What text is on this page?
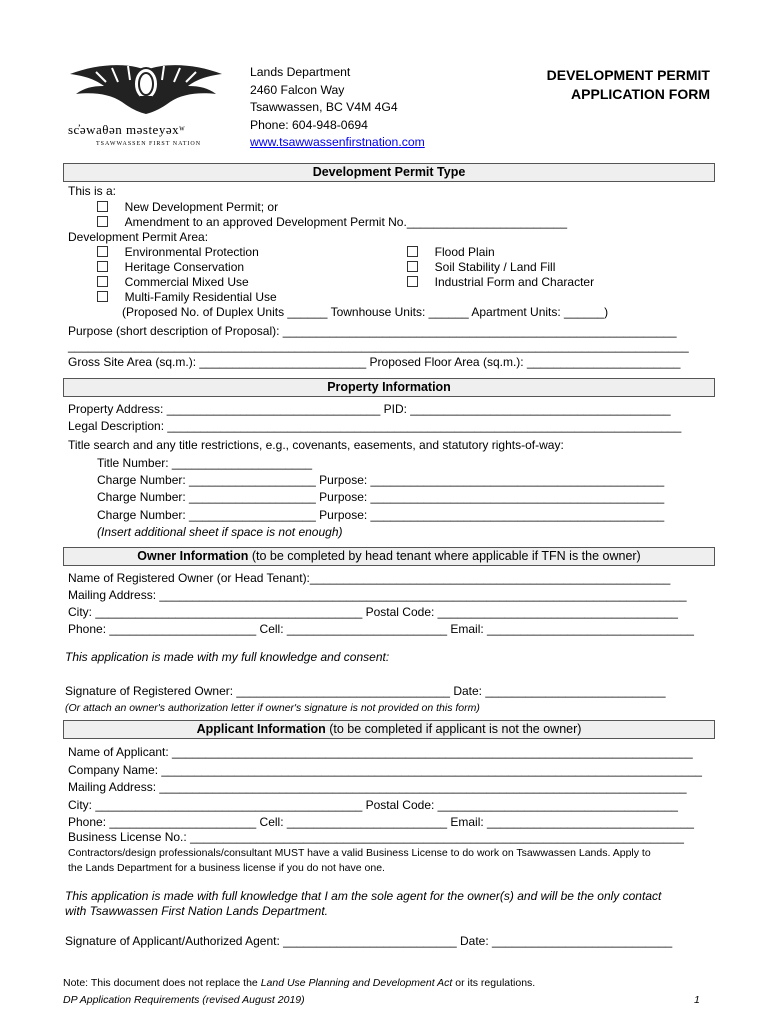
sc̓əwaθən məsteyəxʷ
TSAWWASSEN FIRST NATION
Lands Department
2460 Falcon Way
Tsawwassen, BC V4M 4G4
Phone: 604-948-0694
www.tsawwassenfirstnation.com
DEVELOPMENT PERMIT
APPLICATION FORM
Development Permit Type
This is a:
New Development Permit; or
Amendment to an approved Development Permit No.________________________
Development Permit Area:
Environmental Protection
Heritage Conservation
Commercial Mixed Use
Multi-Family Residential Use
Flood Plain
Soil Stability / Land Fill
Industrial Form and Character
(Proposed No. of Duplex Units ______ Townhouse Units: ______ Apartment Units: ______)
Purpose (short description of Proposal): ___________________________________________________________
_____________________________________________________________________________________________
Gross Site Area (sq.m.): _________________________ Proposed Floor Area (sq.m.): _______________________
Property Information
Property Address: ________________________________ PID: _______________________________________
Legal Description: _____________________________________________________________________________
Title search and any title restrictions, e.g., covenants, easements, and statutory rights-of-way:
Title Number: _____________________
Charge Number: ___________________ Purpose: ____________________________________________
Charge Number: ___________________ Purpose: ____________________________________________
Charge Number: ___________________ Purpose: ____________________________________________
(Insert additional sheet if space is not enough)
Owner Information (to be completed by head tenant where applicable if TFN is the owner)
Name of Registered Owner (or Head Tenant):______________________________________________________
Mailing Address: _______________________________________________________________________________
City: ________________________________________ Postal Code: ____________________________________
Phone: ______________________ Cell: ________________________ Email: _______________________________
This application is made with my full knowledge and consent:
Signature of Registered Owner: ________________________________ Date: ___________________________
(Or attach an owner's authorization letter if owner's signature is not provided on this form)
Applicant Information (to be completed if applicant is not the owner)
Name of Applicant: ______________________________________________________________________________
Company Name: _________________________________________________________________________________
Mailing Address: _______________________________________________________________________________
City: ________________________________________ Postal Code: ____________________________________
Phone: ______________________ Cell: ________________________ Email: _______________________________
Business License No.: __________________________________________________________________________
Contractors/design professionals/consultant MUST have a valid Business License to do work on Tsawwassen Lands. Apply to
the Lands Department for a business license if you do not have one.
This application is made with full knowledge that I am the sole agent for the owner(s) and will be the only contact
with Tsawwassen First Nation Lands Department.
Signature of Applicant/Authorized Agent: __________________________ Date: ___________________________
Note: This document does not replace the Land Use Planning and Development Act or its regulations.
DP Application Requirements (revised August 2019)	1
